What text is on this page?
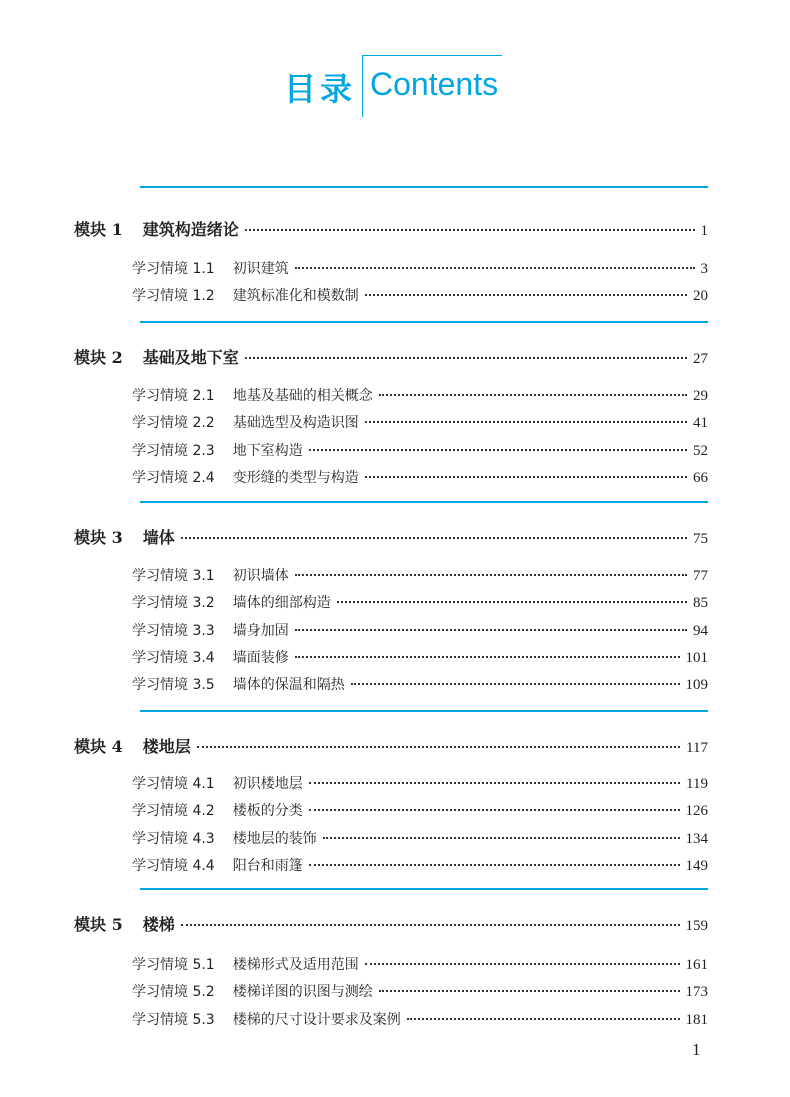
目录 Contents
模块 1 建筑构造绪论	1
学习情境 1.1 初识建筑	3
学习情境 1.2 建筑标准化和模数制	20
模块 2 基础及地下室	27
学习情境 2.1 地基及基础的相关概念	29
学习情境 2.2 基础选型及构造识图	41
学习情境 2.3 地下室构造	52
学习情境 2.4 变形缝的类型与构造	66
模块 3 墙体	75
学习情境 3.1 初识墙体	77
学习情境 3.2 墙体的细部构造	85
学习情境 3.3 墙身加固	94
学习情境 3.4 墙面装修	101
学习情境 3.5 墙体的保温和隔热	109
模块 4 楼地层	117
学习情境 4.1 初识楼地层	119
学习情境 4.2 楼板的分类	126
学习情境 4.3 楼地层的装饰	134
学习情境 4.4 阳台和雨篷	149
模块 5 楼梯	159
学习情境 5.1 楼梯形式及适用范围	161
学习情境 5.2 楼梯详图的识图与测绘	173
学习情境 5.3 楼梯的尺寸设计要求及案例	181
1
